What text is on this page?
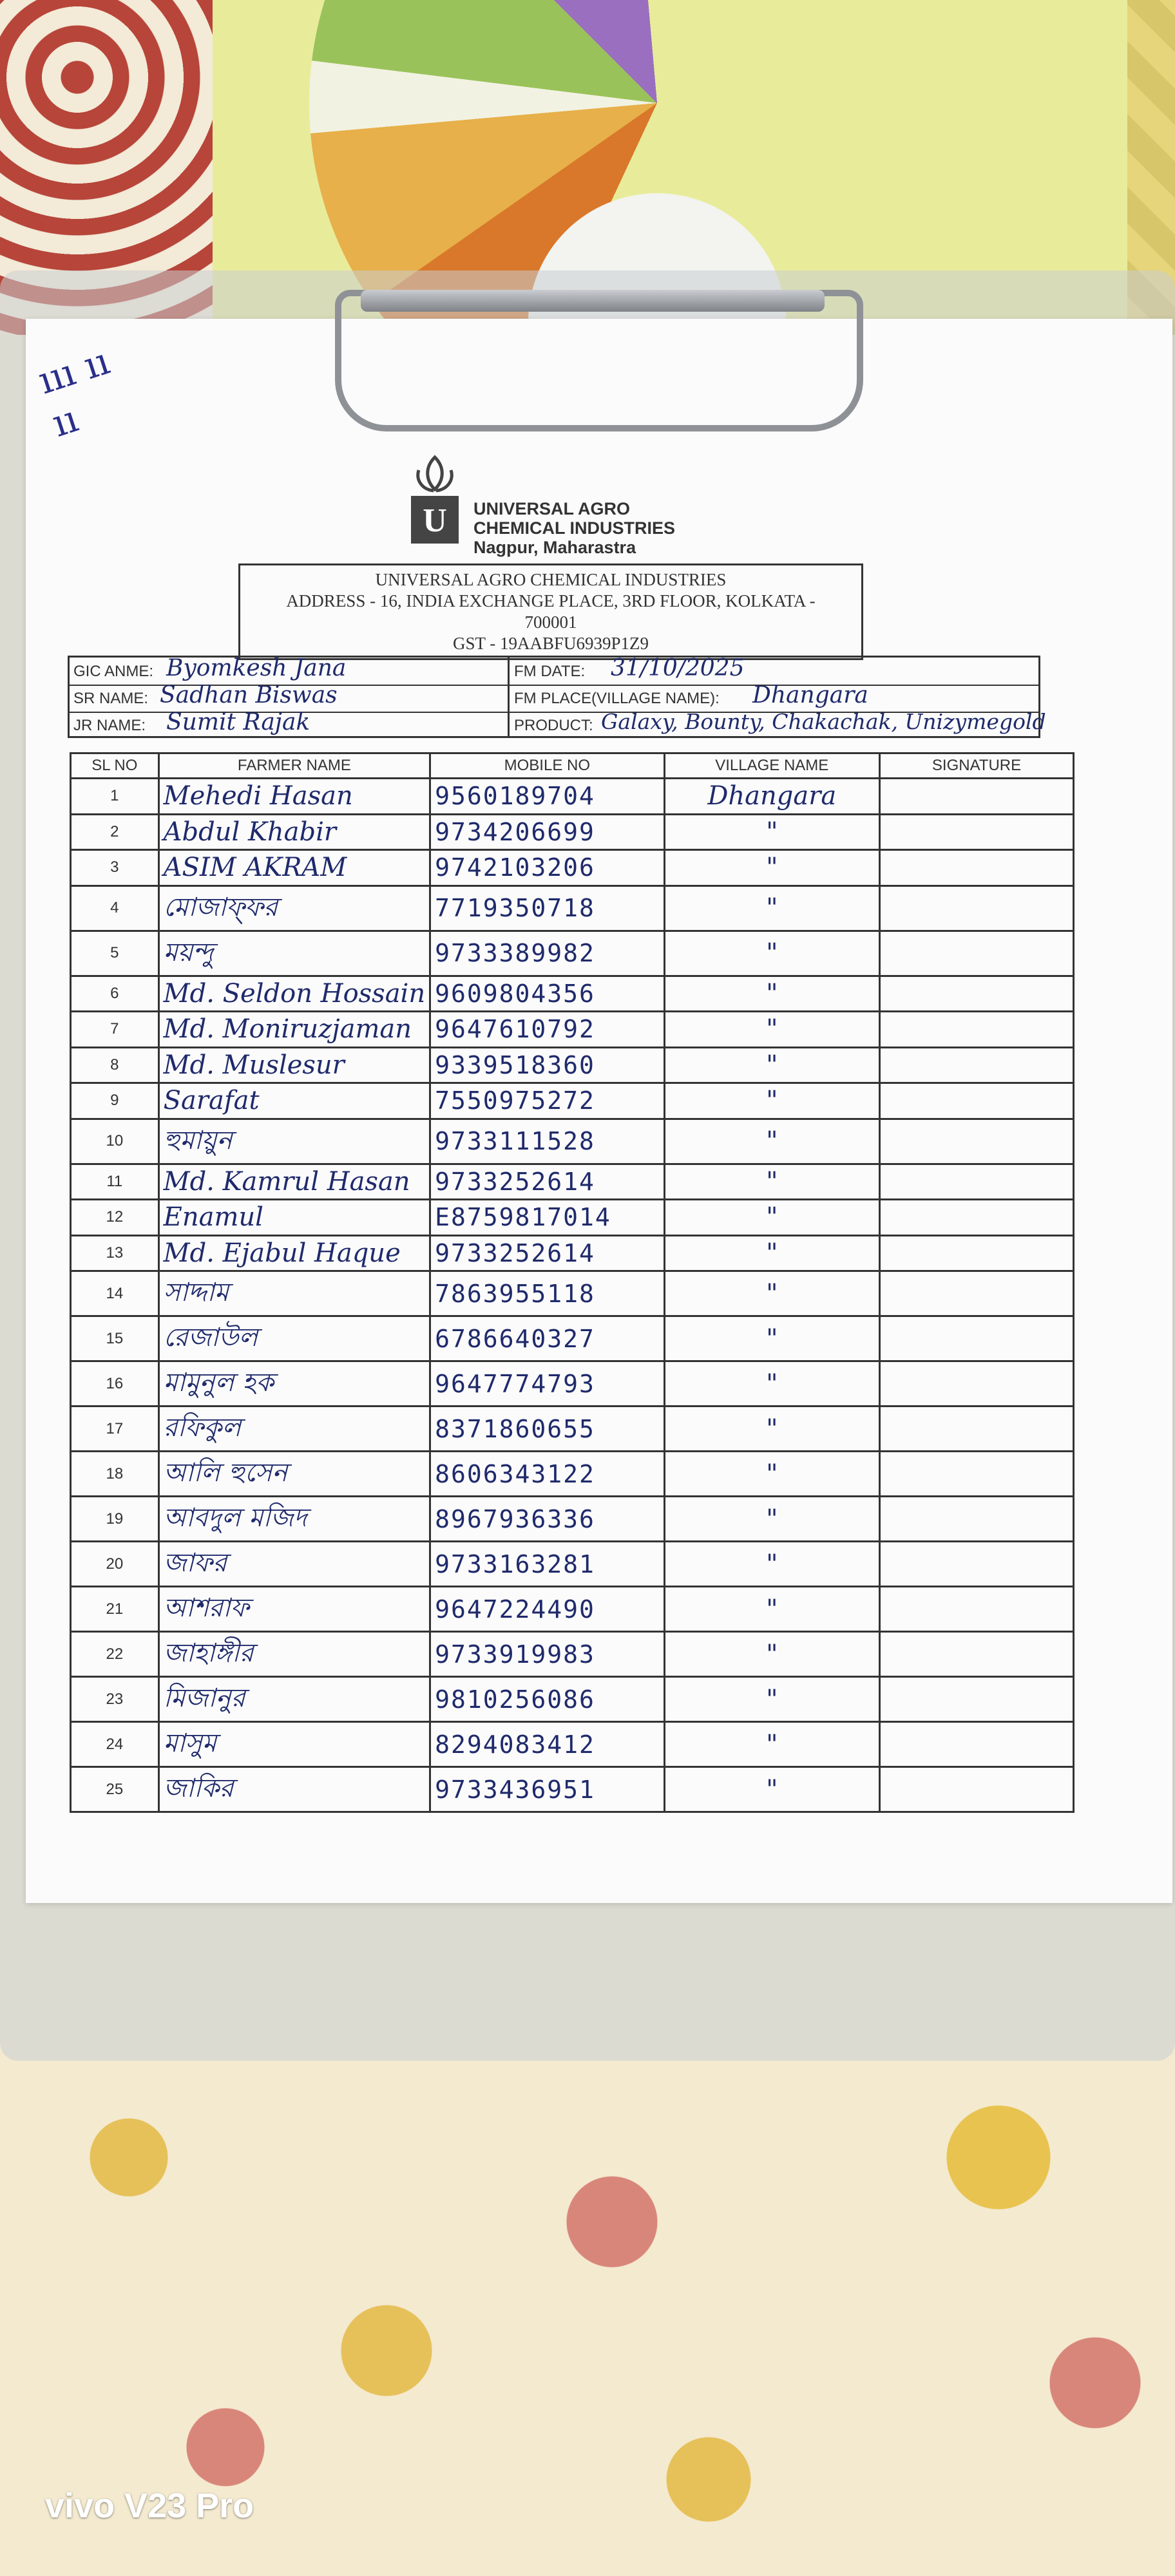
ııı ıı
ıı
U UNIVERSAL AGRO
CHEMICAL INDUSTRIES
Nagpur, Maharastra
UNIVERSAL AGRO CHEMICAL INDUSTRIES
ADDRESS - 16, INDIA EXCHANGE PLACE, 3RD FLOOR, KOLKATA -
700001
GST - 19AABFU6939P1Z9
GIC ANME: Byomkesh Jana	FM DATE: 31/10/2025
SR NAME: Sadhan Biswas	FM PLACE(VILLAGE NAME): Dhangara
JR NAME: Sumit Rajak	PRODUCT: Galaxy, Bounty, Chakachak, Unizymegold
SL NO	FARMER NAME	MOBILE NO	VILLAGE NAME	SIGNATURE
1	Mehedi Hasan	9560189704	Dhangara	
2	Abdul Khabir	9734206699	"	
3	ASIM AKRAM	9742103206	"	
4	মোজাফ্ফর	7719350718	"	
5	ময়ন্দু	9733389982	"	
6	Md. Seldon Hossain	9609804356	"	
7	Md. Moniruzjaman	9647610792	"	
8	Md. Muslesur	9339518360	"	
9	Sarafat	7550975272	"	
10	হুমায়ুন	9733111528	"	
11	Md. Kamrul Hasan	9733252614	"	
12	Enamul	E8759817014	"	
13	Md. Ejabul Haque	9733252614	"	
14	সাদ্দাম	7863955118	"	
15	রেজাউল	6786640327	"	
16	মামুনুল হক	9647774793	"	
17	রফিকুল	8371860655	"	
18	আলি হুসেন	8606343122	"	
19	আবদুল মজিদ	8967936336	"	
20	জাফর	9733163281	"	
21	আশরাফ	9647224490	"	
22	জাহাঙ্গীর	9733919983	"	
23	মিজানুর	9810256086	"	
24	মাসুম	8294083412	"	
25	জাকির	9733436951	"	
vivo V23 Pro
